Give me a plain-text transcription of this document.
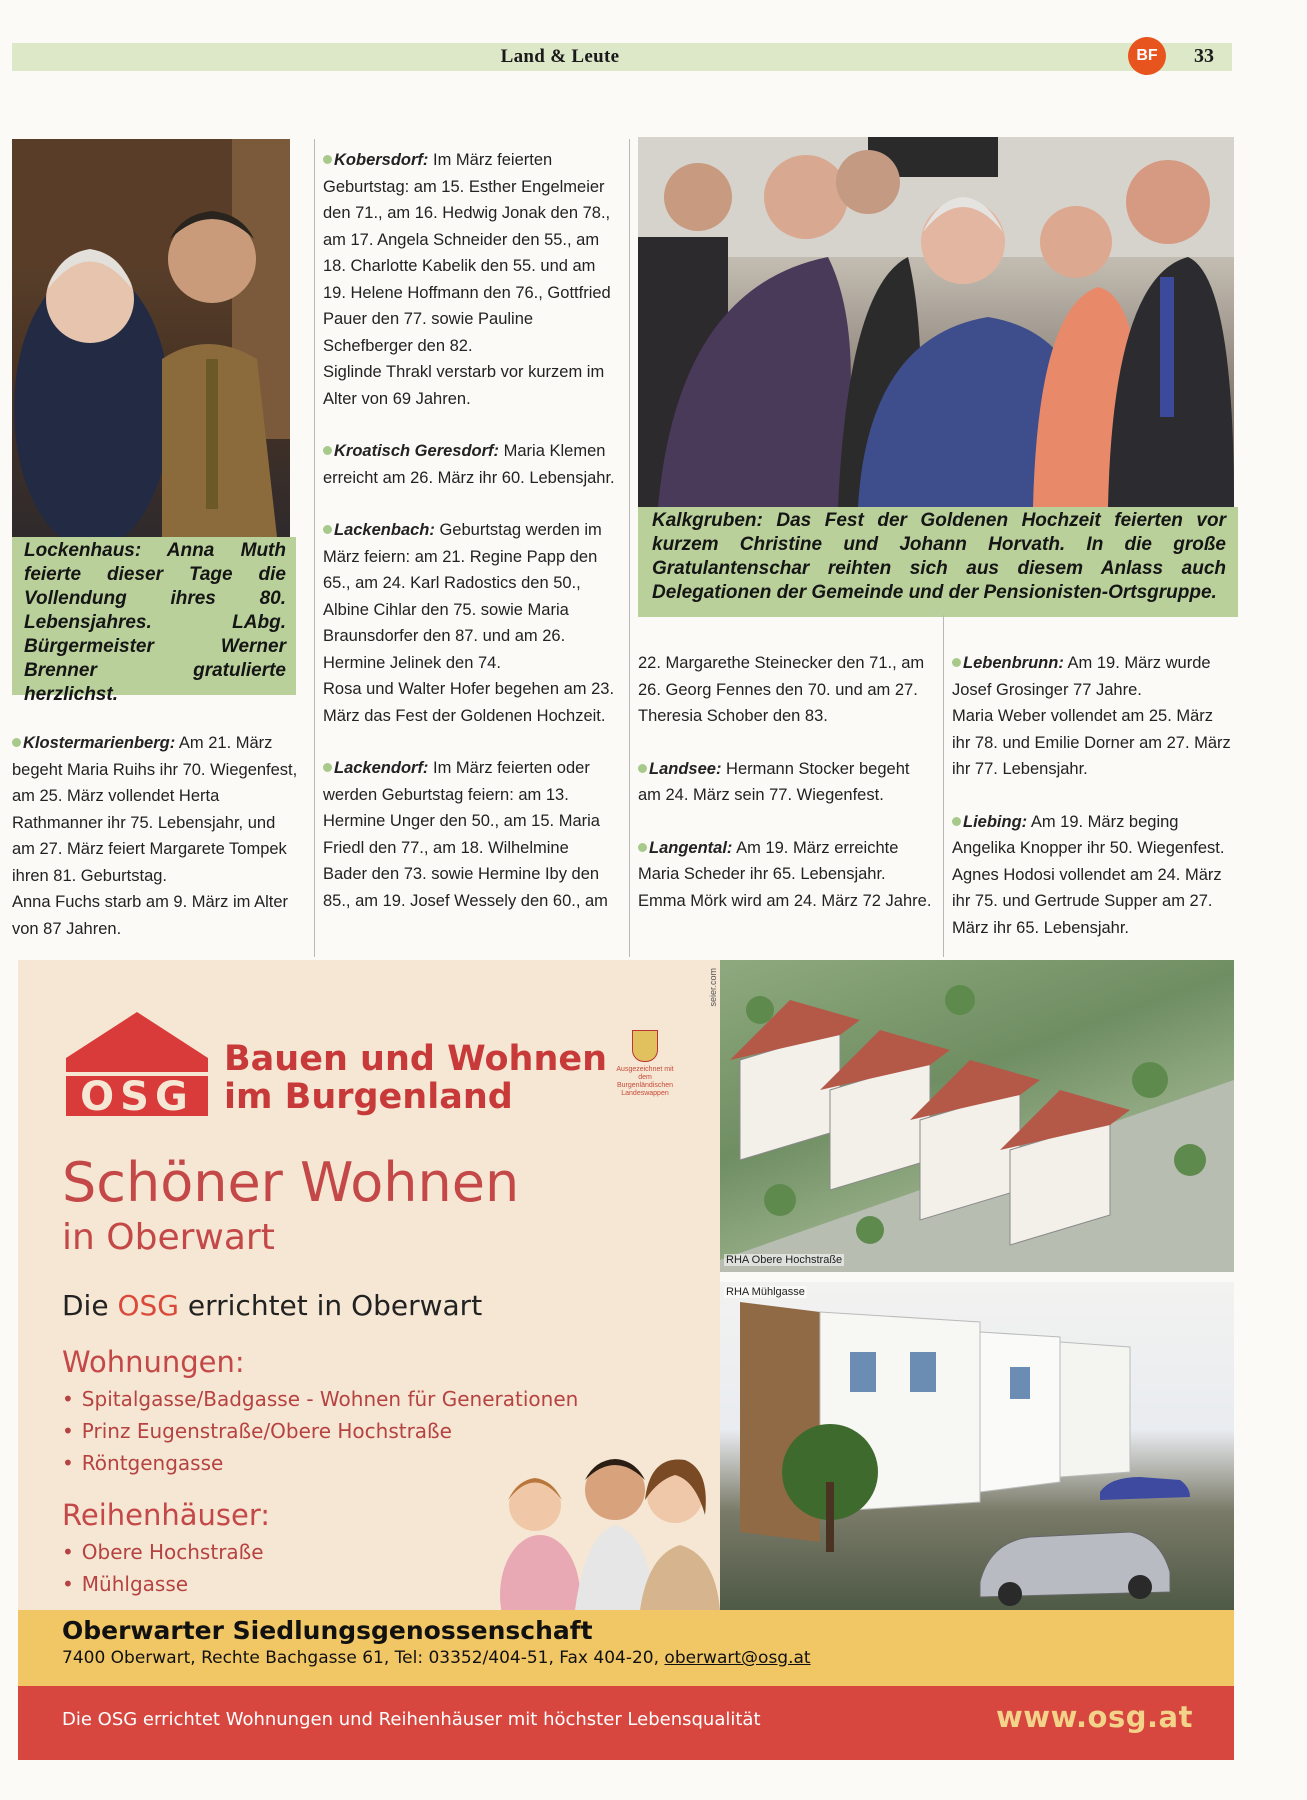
Land & Leute	BF	33
Lockenhaus: Anna Muth feierte dieser Tage die Vollendung ihres 80. Lebensjahres. LAbg. Bürgermeister Werner Brenner gratulierte herzlichst.
Kalkgruben: Das Fest der Goldenen Hochzeit feierten vor kurzem Christine und Johann Horvath. In die große Gratulantenschar reihten sich aus diesem Anlass auch Delegationen der Gemeinde und der Pensionisten-Ortsgruppe.

Klostermarienberg: Am 21. März begeht Maria Ruihs ihr 70. Wiegenfest, am 25. März vollendet Herta Rathmanner ihr 75. Lebensjahr, und am 27. März feiert Margarete Tompek ihren 81. Geburtstag.
Anna Fuchs starb am 9. März im Alter von 87 Jahren.

Kobersdorf: Im März feierten Geburtstag: am 15. Esther Engelmeier den 71., am 16. Hedwig Jonak den 78., am 17. Angela Schneider den 55., am 18. Charlotte Kabelik den 55. und am 19. Helene Hoffmann den 76., Gottfried Pauer den 77. sowie Pauline Schefberger den 82.
Siglinde Thrakl verstarb vor kurzem im Alter von 69 Jahren.

Kroatisch Geresdorf: Maria Klemen erreicht am 26. März ihr 60. Lebensjahr.

Lackenbach: Geburtstag werden im März feiern: am 21. Regine Papp den 65., am 24. Karl Radostics den 50., Albine Cihlar den 75. sowie Maria Braunsdorfer den 87. und am 26. Hermine Jelinek den 74.
Rosa und Walter Hofer begehen am 23. März das Fest der Goldenen Hochzeit.

Lackendorf: Im März feierten oder werden Geburtstag feiern: am 13. Hermine Unger den 50., am 15. Maria Friedl den 77., am 18. Wilhelmine Bader den 73. sowie Hermine Iby den 85., am 19. Josef Wessely den 60., am

22. Margarethe Steinecker den 71., am 26. Georg Fennes den 70. und am 27. Theresia Schober den 83.

Landsee: Hermann Stocker begeht am 24. März sein 77. Wiegenfest.

Langental: Am 19. März erreichte Maria Scheder ihr 65. Lebensjahr.
Emma Mörk wird am 24. März 72 Jahre.

Lebenbrunn: Am 19. März wurde Josef Grosinger 77 Jahre.
Maria Weber vollendet am 25. März ihr 78. und Emilie Dorner am 27. März ihr 77. Lebensjahr.

Liebing: Am 19. März beging Angelika Knopper ihr 50. Wiegenfest. Agnes Hodosi vollendet am 24. März ihr 75. und Gertrude Supper am 27. März ihr 65. Lebensjahr.

OSG
Bauen und Wohnen
im Burgenland
Ausgezeichnet mit dem Burgenländischen Landeswappen
seier.com
Schöner Wohnen
in Oberwart
Die OSG errichtet in Oberwart
Wohnungen:
• Spitalgasse/Badgasse - Wohnen für Generationen
• Prinz Eugenstraße/Obere Hochstraße
• Röntgengasse
Reihenhäuser:
• Obere Hochstraße
• Mühlgasse
RHA Obere Hochstraße
RHA Mühlgasse
Oberwarter Siedlungsgenossenschaft
7400 Oberwart, Rechte Bachgasse 61, Tel: 03352/404-51, Fax 404-20, oberwart@osg.at
Die OSG errichtet Wohnungen und Reihenhäuser mit höchster Lebensqualität	www.osg.at
